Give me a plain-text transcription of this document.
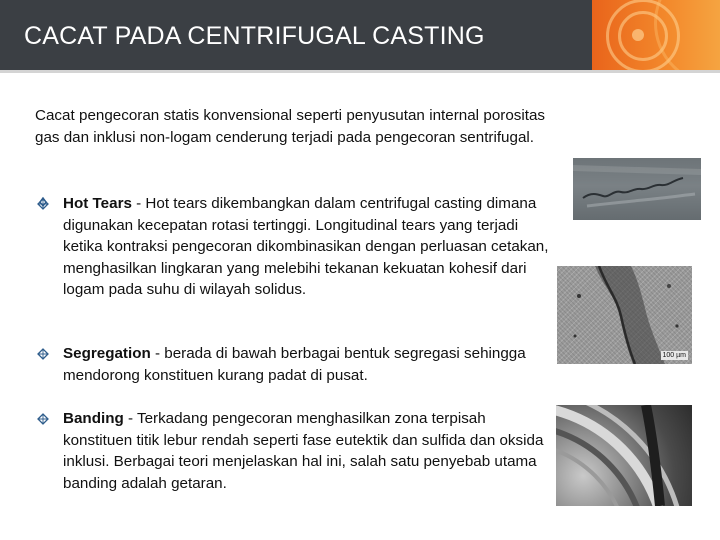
CACAT PADA CENTRIFUGAL CASTING
Cacat pengecoran statis konvensional seperti penyusutan internal porositas gas dan inklusi non-logam cenderung terjadi pada pengecoran sentrifugal.
Hot Tears - Hot tears dikembangkan dalam centrifugal casting dimana digunakan kecepatan rotasi tertinggi. Longitudinal tears yang terjadi ketika kontraksi pengecoran dikombinasikan dengan perluasan cetakan, menghasilkan lingkaran yang melebihi tekanan kekuatan kohesif dari logam pada suhu di wilayah solidus.
Segregation - berada di bawah berbagai bentuk segregasi sehingga mendorong konstituen kurang padat di pusat.
Banding - Terkadang pengecoran menghasilkan zona terpisah konstituen titik lebur rendah seperti fase eutektik dan sulfida dan oksida inklusi. Berbagai teori menjelaskan hal ini, salah satu penyebab utama banding adalah getaran.
100 µm
